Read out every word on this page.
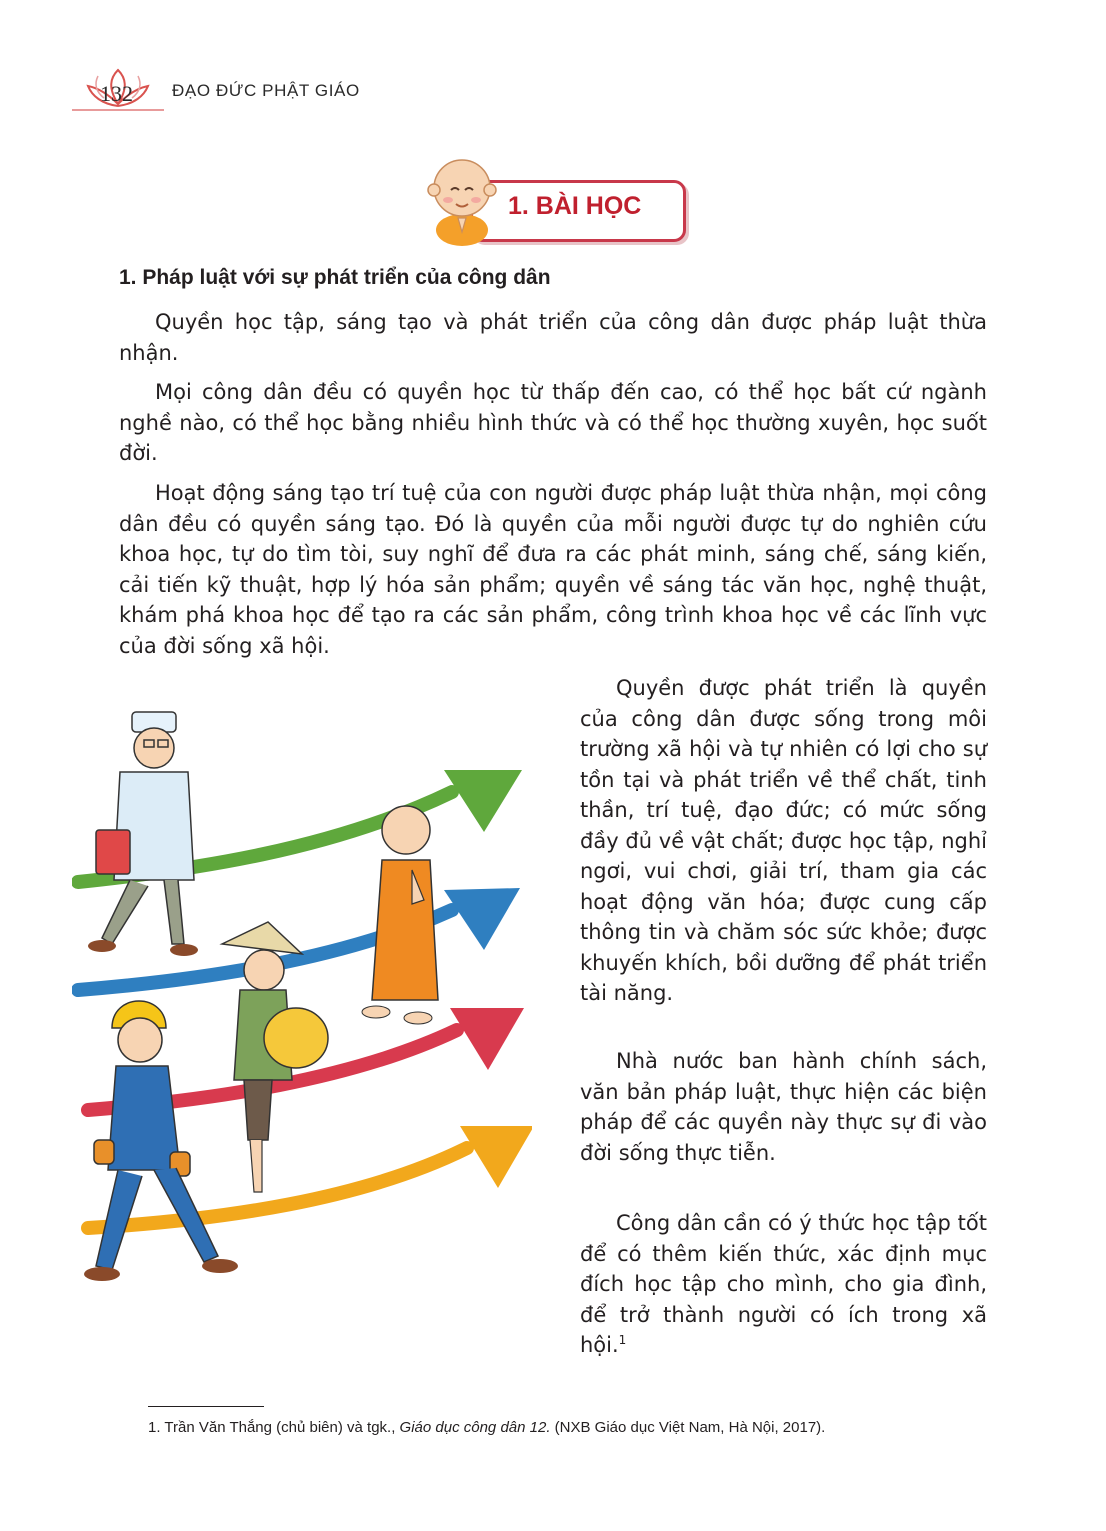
132 ĐẠO ĐỨC PHẬT GIÁO
1. BÀI HỌC
1. Pháp luật với sự phát triển của công dân

Quyền học tập, sáng tạo và phát triển của công dân được pháp luật thừa nhận.

Mọi công dân đều có quyền học từ thấp đến cao, có thể học bất cứ ngành nghề nào, có thể học bằng nhiều hình thức và có thể học thường xuyên, học suốt đời.

Hoạt động sáng tạo trí tuệ của con người được pháp luật thừa nhận, mọi công dân đều có quyền sáng tạo. Đó là quyền của mỗi người được tự do nghiên cứu khoa học, tự do tìm tòi, suy nghĩ để đưa ra các phát minh, sáng chế, sáng kiến, cải tiến kỹ thuật, hợp lý hóa sản phẩm; quyền về sáng tác văn học, nghệ thuật, khám phá khoa học để tạo ra các sản phẩm, công trình khoa học về các lĩnh vực của đời sống xã hội.

Quyền được phát triển là quyền của công dân được sống trong môi trường xã hội và tự nhiên có lợi cho sự tồn tại và phát triển về thể chất, tinh thần, trí tuệ, đạo đức; có mức sống đầy đủ về vật chất; được học tập, nghỉ ngơi, vui chơi, giải trí, tham gia các hoạt động văn hóa; được cung cấp thông tin và chăm sóc sức khỏe; được khuyến khích, bồi dưỡng để phát triển tài năng.

Nhà nước ban hành chính sách, văn bản pháp luật, thực hiện các biện pháp để các quyền này thực sự đi vào đời sống thực tiễn.

Công dân cần có ý thức học tập tốt để có thêm kiến thức, xác định mục đích học tập cho mình, cho gia đình, để trở thành người có ích trong xã hội.$^1$

1. Trần Văn Thắng (chủ biên) và tgk., Giáo dục công dân 12. (NXB Giáo dục Việt Nam, Hà Nội, 2017).
